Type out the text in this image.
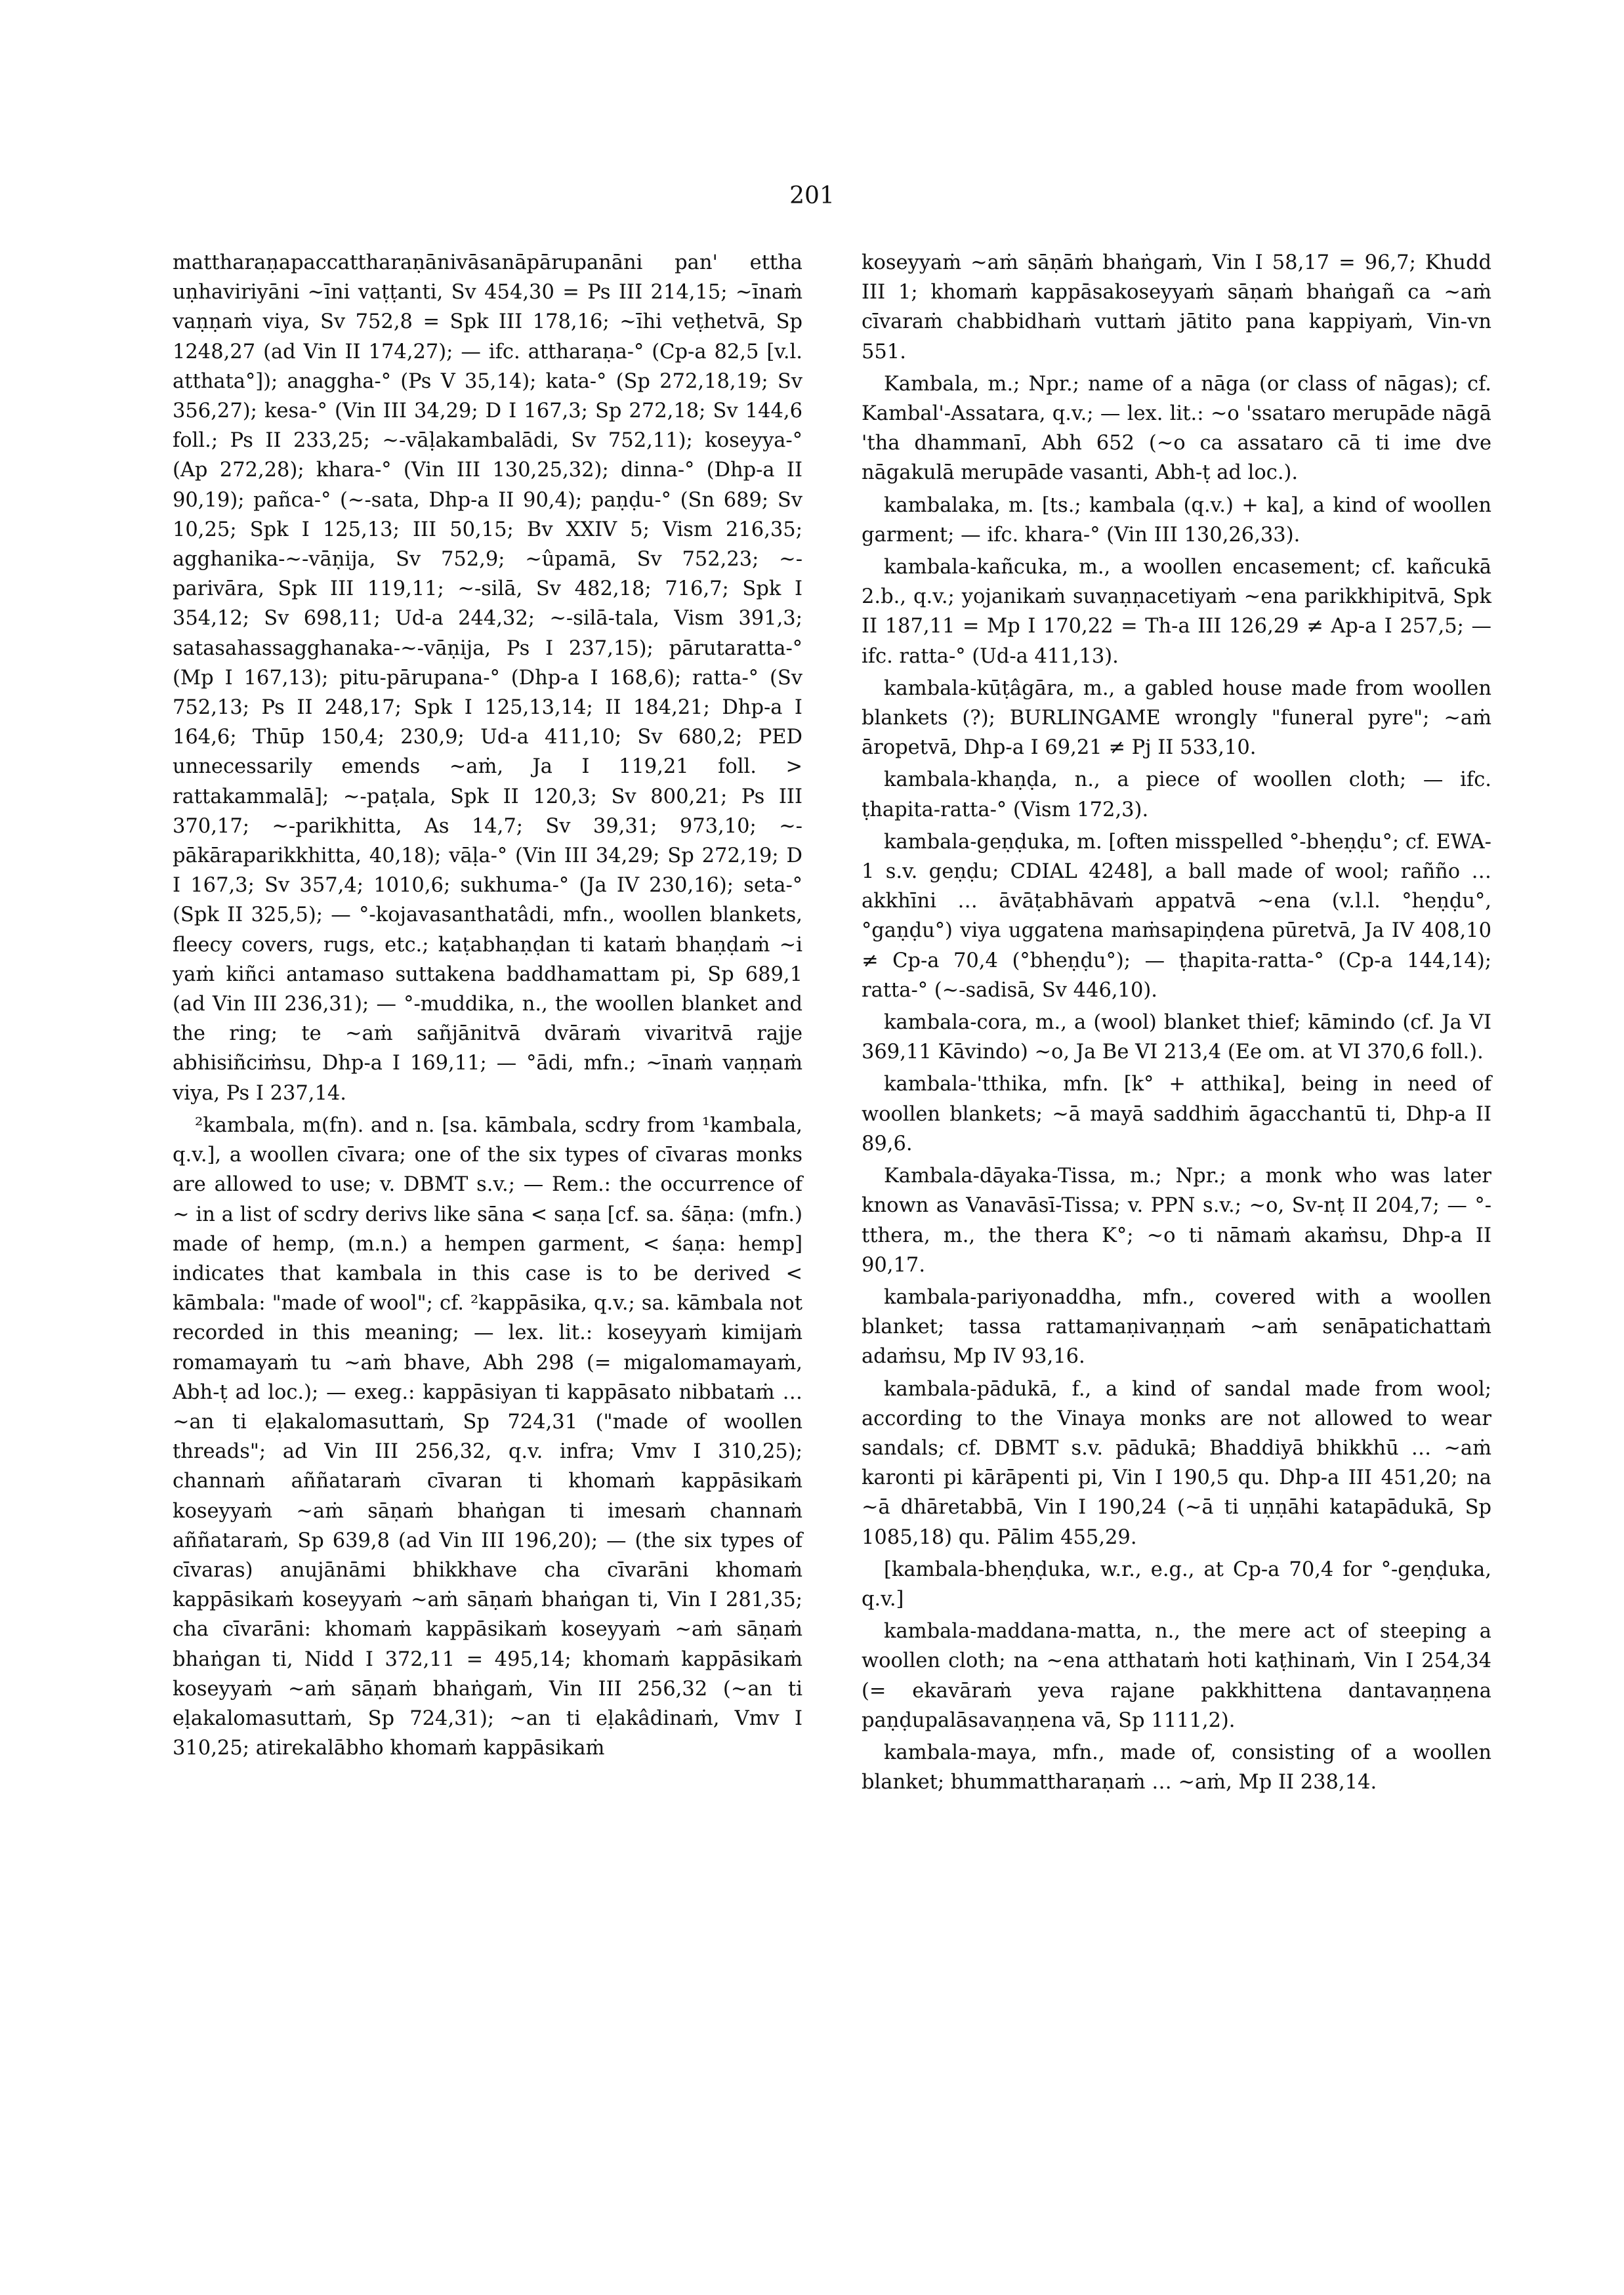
201

mattharaṇapaccattharaṇānivāsanāpārupanāni pan' ettha uṇhaviriyāni ~īni vaṭṭanti, Sv 454,30 = Ps III 214,15; ~īnaṁ vaṇṇaṁ viya, Sv 752,8 = Spk III 178,16; ~īhi veṭhetvā, Sp 1248,27 (ad Vin II 174,27); — ifc. attharaṇa-° (Cp-a 82,5 [v.l. atthata°]); anaggha-° (Ps V 35,14); kata-° (Sp 272,18,19; Sv 356,27); kesa-° (Vin III 34,29; D I 167,3; Sp 272,18; Sv 144,6 foll.; Ps II 233,25; ~-vāḷakambalādi, Sv 752,11); koseyya-° (Ap 272,28); khara-° (Vin III 130,25,32); dinna-° (Dhp-a II 90,19); pañca-° (~-sata, Dhp-a II 90,4); paṇḍu-° (Sn 689; Sv 10,25; Spk I 125,13; III 50,15; Bv XXIV 5; Vism 216,35; agghanika-~-vāṇija, Sv 752,9; ~ûpamā, Sv 752,23; ~-parivāra, Spk III 119,11; ~-silā, Sv 482,18; 716,7; Spk I 354,12; Sv 698,11; Ud-a 244,32; ~-silā-tala, Vism 391,3; satasahassagghanaka-~-vāṇija, Ps I 237,15); pārutaratta-° (Mp I 167,13); pitu-pārupana-° (Dhp-a I 168,6); ratta-° (Sv 752,13; Ps II 248,17; Spk I 125,13,14; II 184,21; Dhp-a I 164,6; Thūp 150,4; 230,9; Ud-a 411,10; Sv 680,2; PED unnecessarily emends ~aṁ, Ja I 119,21 foll. > rattakammalā]; ~-paṭala, Spk II 120,3; Sv 800,21; Ps III 370,17; ~-parikhitta, As 14,7; Sv 39,31; 973,10; ~-pākāraparikkhitta, 40,18); vāḷa-° (Vin III 34,29; Sp 272,19; D I 167,3; Sv 357,4; 1010,6; sukhuma-° (Ja IV 230,16); seta-° (Spk II 325,5); — °-kojavasanthatâdi, mfn., woollen blankets, fleecy covers, rugs, etc.; kaṭabhaṇḍan ti kataṁ bhaṇḍaṁ ~i yaṁ kiñci antamaso suttakena baddhamattam pi, Sp 689,1 (ad Vin III 236,31); — °-muddika, n., the woollen blanket and the ring; te ~aṁ sañjānitvā dvāraṁ vivaritvā rajje abhisiñciṁsu, Dhp-a I 169,11; — °ādi, mfn.; ~īnaṁ vaṇṇaṁ viya, Ps I 237,14.

²kambala, m(fn). and n. [sa. kāmbala, scdry from ¹kambala, q.v.], a woollen cīvara; one of the six types of cīvaras monks are allowed to use; v. DBMT s.v.; — Rem.: the occurrence of ~ in a list of scdry derivs like sāna < saṇa [cf. sa. śāṇa: (mfn.) made of hemp, (m.n.) a hempen garment, < śaṇa: hemp] indicates that kambala in this case is to be derived < kāmbala: "made of wool"; cf. ²kappāsika, q.v.; sa. kāmbala not recorded in this meaning; — lex. lit.: koseyyaṁ kimijaṁ romamayaṁ tu ~aṁ bhave, Abh 298 (= migalomamayaṁ, Abh-ṭ ad loc.); — exeg.: kappāsiyan ti kappāsato nibbataṁ … ~an ti eḷakalomasuttaṁ, Sp 724,31 ("made of woollen threads"; ad Vin III 256,32, q.v. infra; Vmv I 310,25); channaṁ aññataraṁ cīvaran ti khomaṁ kappāsikaṁ koseyyaṁ ~aṁ sāṇaṁ bhaṅgan ti imesaṁ channaṁ aññataraṁ, Sp 639,8 (ad Vin III 196,20); — (the six types of cīvaras) anujānāmi bhikkhave cha cīvarāni khomaṁ kappāsikaṁ koseyyaṁ ~aṁ sāṇaṁ bhaṅgan ti, Vin I 281,35; cha cīvarāni: khomaṁ kappāsikaṁ koseyyaṁ ~aṁ sāṇaṁ bhaṅgan ti, Nidd I 372,11 = 495,14; khomaṁ kappāsikaṁ koseyyaṁ ~aṁ sāṇaṁ bhaṅgaṁ, Vin III 256,32 (~an ti eḷakalomasuttaṁ, Sp 724,31); ~an ti eḷakâdinaṁ, Vmv I 310,25; atirekalābho khomaṁ kappāsikaṁ

koseyyaṁ ~aṁ sāṇāṁ bhaṅgaṁ, Vin I 58,17 = 96,7; Khudd III 1; khomaṁ kappāsakoseyyaṁ sāṇaṁ bhaṅgañ ca ~aṁ cīvaraṁ chabbidhaṁ vuttaṁ jātito pana kappiyaṁ, Vin-vn 551.

Kambala, m.; Npr.; name of a nāga (or class of nāgas); cf. Kambal'-Assatara, q.v.; — lex. lit.: ~o 'ssataro merupāde nāgā 'tha dhammanī, Abh 652 (~o ca assataro cā ti ime dve nāgakulā merupāde vasanti, Abh-ṭ ad loc.).

kambalaka, m. [ts.; kambala (q.v.) + ka], a kind of woollen garment; — ifc. khara-° (Vin III 130,26,33).

kambala-kañcuka, m., a woollen encasement; cf. kañcukā 2.b., q.v.; yojanikaṁ suvaṇṇacetiyaṁ ~ena parikkhipitvā, Spk II 187,11 = Mp I 170,22 = Th-a III 126,29 ≠ Ap-a I 257,5; — ifc. ratta-° (Ud-a 411,13).

kambala-kūṭâgāra, m., a gabled house made from woollen blankets (?); BURLINGAME wrongly "funeral pyre"; ~aṁ āropetvā, Dhp-a I 69,21 ≠ Pj II 533,10.

kambala-khaṇḍa, n., a piece of woollen cloth; — ifc. ṭhapita-ratta-° (Vism 172,3).

kambala-geṇḍuka, m. [often misspelled °-bheṇḍu°; cf. EWA-1 s.v. geṇḍu; CDIAL 4248], a ball made of wool; rañño … akkhīni … āvāṭabhāvaṁ appatvā ~ena (v.l.l. °heṇḍu°, °gaṇḍu°) viya uggatena maṁsapiṇḍena pūretvā, Ja IV 408,10 ≠ Cp-a 70,4 (°bheṇḍu°); — ṭhapita-ratta-° (Cp-a 144,14); ratta-° (~-sadisā, Sv 446,10).

kambala-cora, m., a (wool) blanket thief; kāmindo (cf. Ja VI 369,11 Kāvindo) ~o, Ja Be VI 213,4 (Ee om. at VI 370,6 foll.).

kambala-'tthika, mfn. [k° + atthika], being in need of woollen blankets; ~ā mayā saddhiṁ āgacchantū ti, Dhp-a II 89,6.

Kambala-dāyaka-Tissa, m.; Npr.; a monk who was later known as Vanavāsī-Tissa; v. PPN s.v.; ~o, Sv-nṭ II 204,7; — °-tthera, m., the thera K°; ~o ti nāmaṁ akaṁsu, Dhp-a II 90,17.

kambala-pariyonaddha, mfn., covered with a woollen blanket; tassa rattamaṇivaṇṇaṁ ~aṁ senāpatichattaṁ adaṁsu, Mp IV 93,16.

kambala-pādukā, f., a kind of sandal made from wool; according to the Vinaya monks are not allowed to wear sandals; cf. DBMT s.v. pādukā; Bhaddiyā bhikkhū … ~aṁ karonti pi kārāpenti pi, Vin I 190,5 qu. Dhp-a III 451,20; na ~ā dhāretabbā, Vin I 190,24 (~ā ti uṇṇāhi katapādukā, Sp 1085,18) qu. Pālim 455,29.

[kambala-bheṇḍuka, w.r., e.g., at Cp-a 70,4 for °-geṇḍuka, q.v.]

kambala-maddana-matta, n., the mere act of steeping a woollen cloth; na ~ena atthataṁ hoti kaṭhinaṁ, Vin I 254,34 (= ekavāraṁ yeva rajane pakkhittena dantavaṇṇena paṇḍupalāsavaṇṇena vā, Sp 1111,2).

kambala-maya, mfn., made of, consisting of a woollen blanket; bhummattharaṇaṁ … ~aṁ, Mp II 238,14.
